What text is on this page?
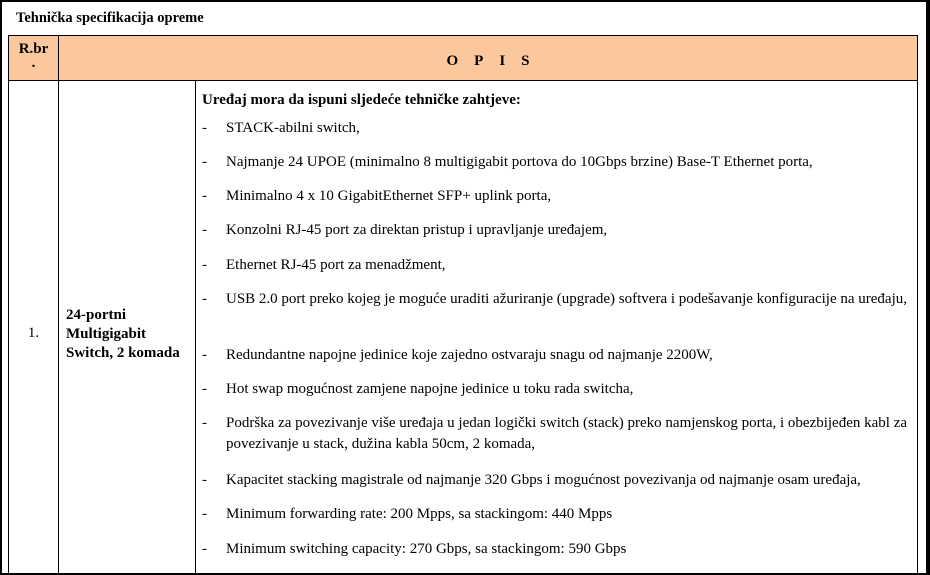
Tehnička specifikacija opreme
R.br
.	OPIS
1.
24-portni Multigigabit Switch, 2 komada
Uređaj mora da ispuni sljedeće tehničke zahtjeve:
- STACK-abilni switch,
- Najmanje 24 UPOE (minimalno 8 multigigabit portova do 10Gbps brzine) Base-T Ethernet porta,
- Minimalno 4 x 10 GigabitEthernet SFP+ uplink porta,
- Konzolni RJ-45 port za direktan pristup i upravljanje uređajem,
- Ethernet RJ-45 port za menadžment,
- USB 2.0 port preko kojeg je moguće uraditi ažuriranje (upgrade) softvera i podešavanje konfiguracije na uređaju,
- Redundantne napojne jedinice koje zajedno ostvaraju snagu od najmanje 2200W,
- Hot swap mogućnost zamjene napojne jedinice u toku rada switcha,
- Podrška za povezivanje više uređaja u jedan logički switch (stack) preko namjenskog porta, i obezbijeđen kabl za povezivanje u stack, dužina kabla 50cm, 2 komada,
- Kapacitet stacking magistrale od najmanje 320 Gbps i mogućnost povezivanja od najmanje osam uređaja,
- Minimum forwarding rate: 200 Mpps, sa stackingom: 440 Mpps
- Minimum switching capacity: 270 Gbps, sa stackingom: 590 Gbps
